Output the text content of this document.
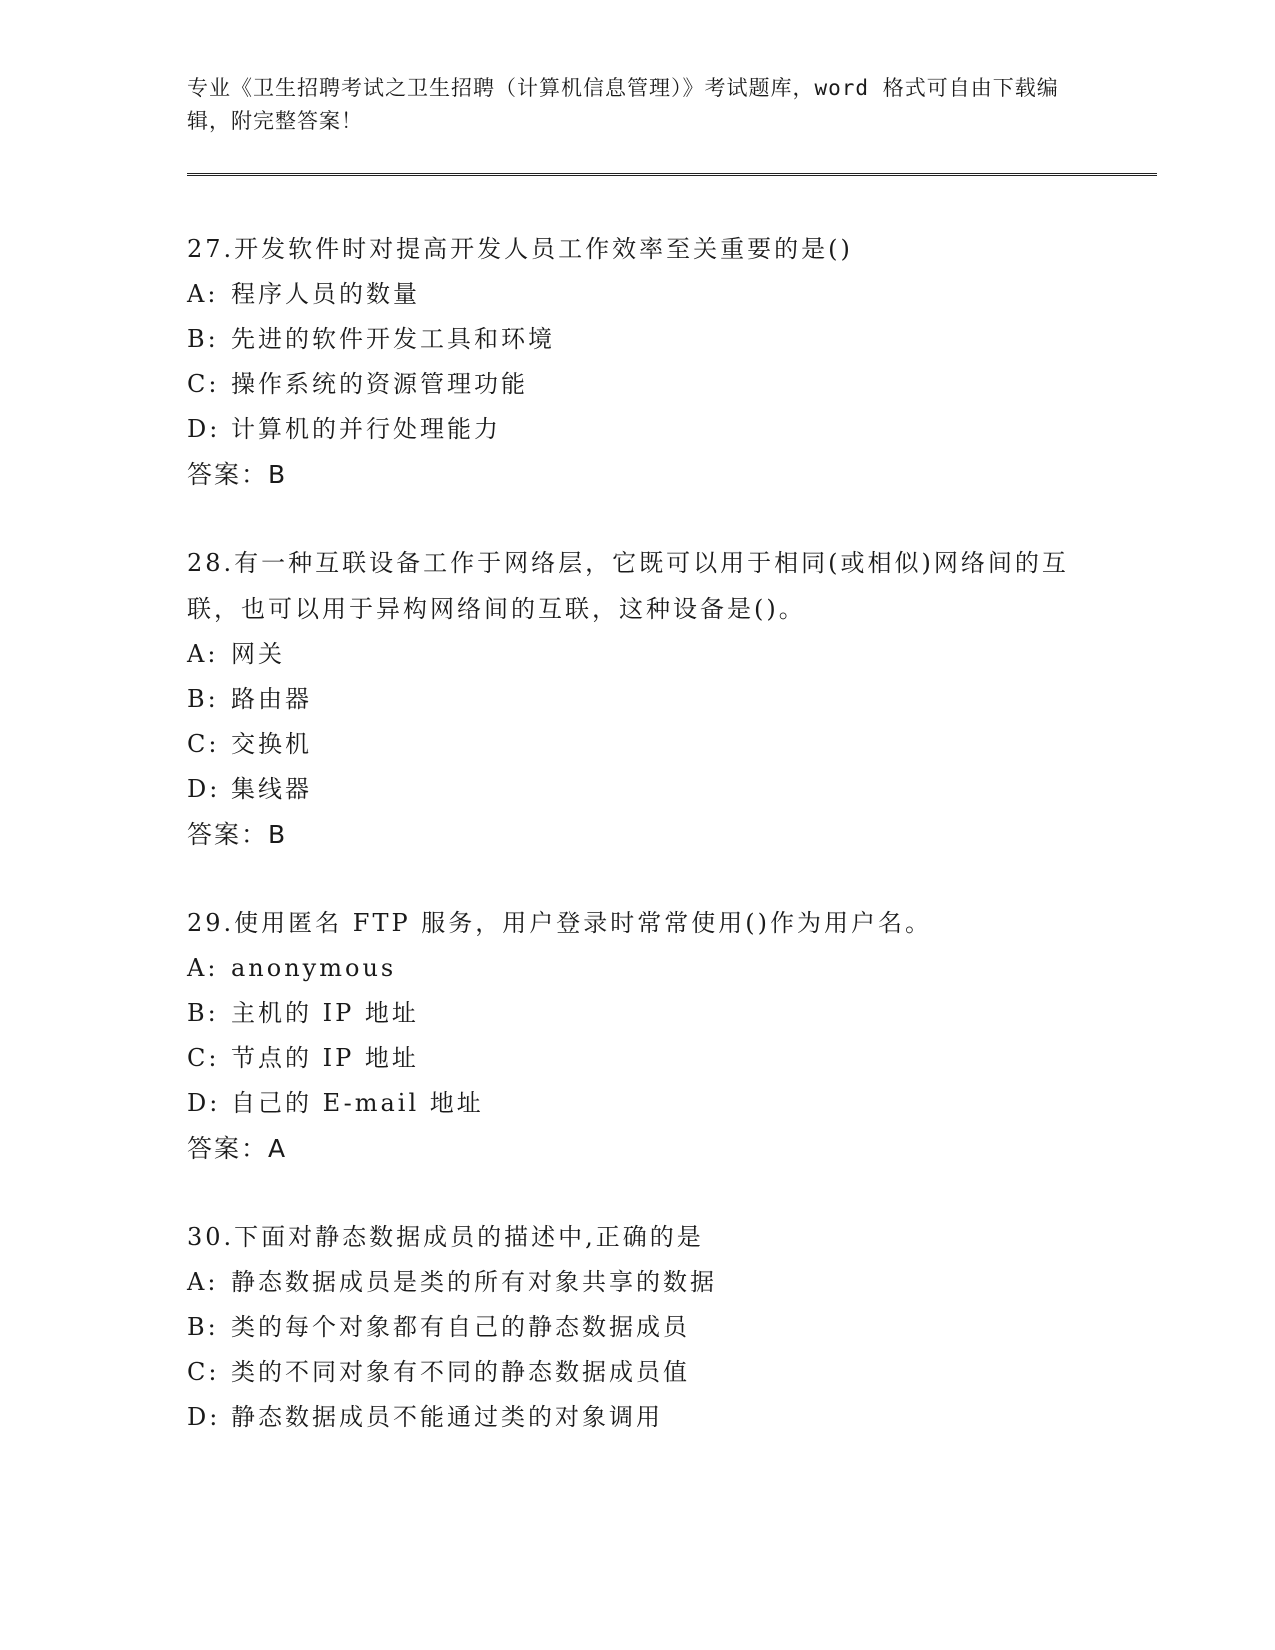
专业《卫生招聘考试之卫生招聘（计算机信息管理）》考试题库，word 格式可自由下载编辑，附完整答案！

27.开发软件时对提高开发人员工作效率至关重要的是()

A: 程序人员的数量

B: 先进的软件开发工具和环境

C: 操作系统的资源管理功能

D: 计算机的并行处理能力

答案：B

28.有一种互联设备工作于网络层，它既可以用于相同(或相似)网络间的互联，也可以用于异构网络间的互联，这种设备是()。

A: 网关

B: 路由器

C: 交换机

D: 集线器

答案：B

29.使用匿名 FTP 服务，用户登录时常常使用()作为用户名。

A: anonymous

B: 主机的 IP 地址

C: 节点的 IP 地址

D: 自己的 E-mail 地址

答案：A

30.下面对静态数据成员的描述中,正确的是

A: 静态数据成员是类的所有对象共享的数据

B: 类的每个对象都有自己的静态数据成员

C: 类的不同对象有不同的静态数据成员值

D: 静态数据成员不能通过类的对象调用
